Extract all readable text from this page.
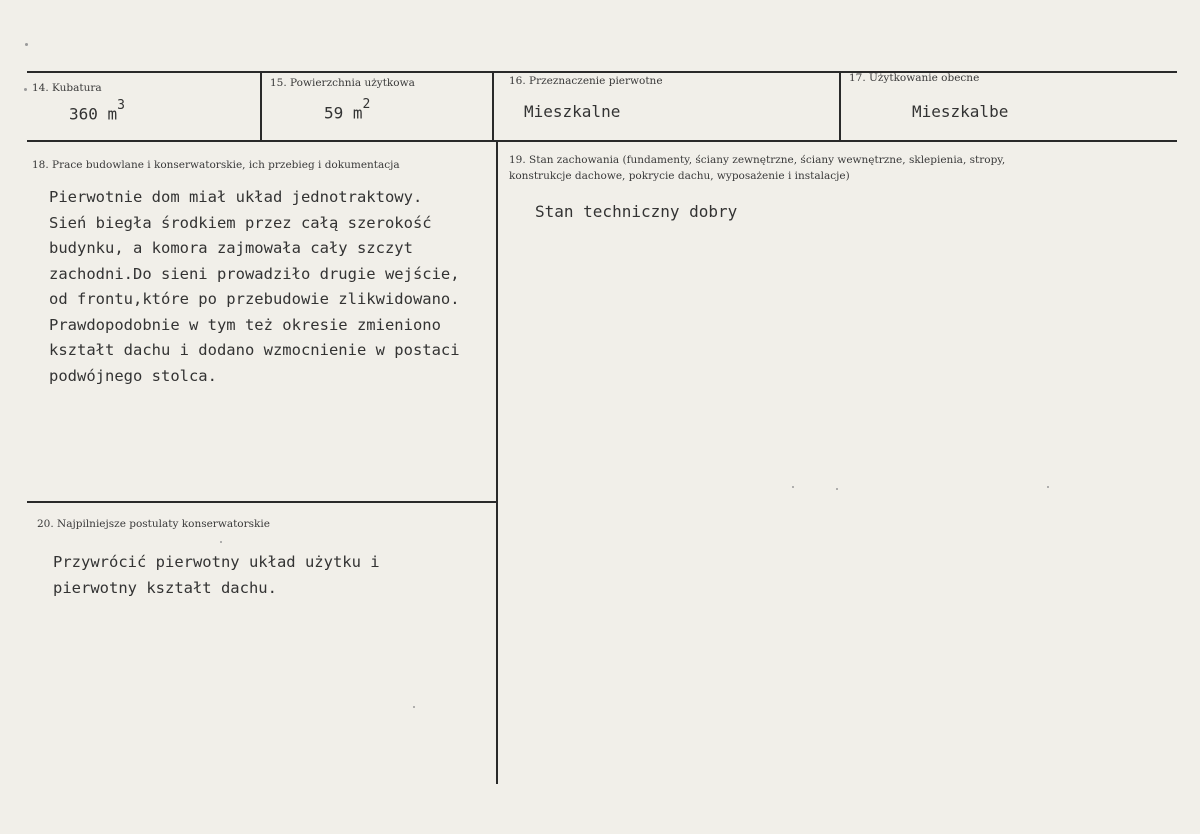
14. Kubatura
360 $m^3$
15. Powierzchnia użytkowa
59 $m^2$
16. Przeznaczenie pierwotne
Mieszkalne
17. Użytkowanie obecne
Mieszkalbe
18. Prace budowlane i konserwatorskie, ich przebieg i dokumentacja
Pierwotnie dom miał układ jednotraktowy.
Sień biegła środkiem przez całą szerokość
budynku, a komora zajmowała cały szczyt
zachodni.Do sieni prowadziło drugie wejście,
od frontu,które po przebudowie zlikwidowano.
Prawdopodobnie w tym też okresie zmieniono
kształt dachu i dodano wzmocnienie w postaci
podwójnego stolca.
19. Stan zachowania (fundamenty, ściany zewnętrzne, ściany wewnętrzne, sklepienia, stropy,
konstrukcje dachowe, pokrycie dachu, wyposażenie i instalacje)
Stan techniczny dobry
20. Najpilniejsze postulaty konserwatorskie
Przywrócić pierwotny układ użytku i
pierwotny kształt dachu.
